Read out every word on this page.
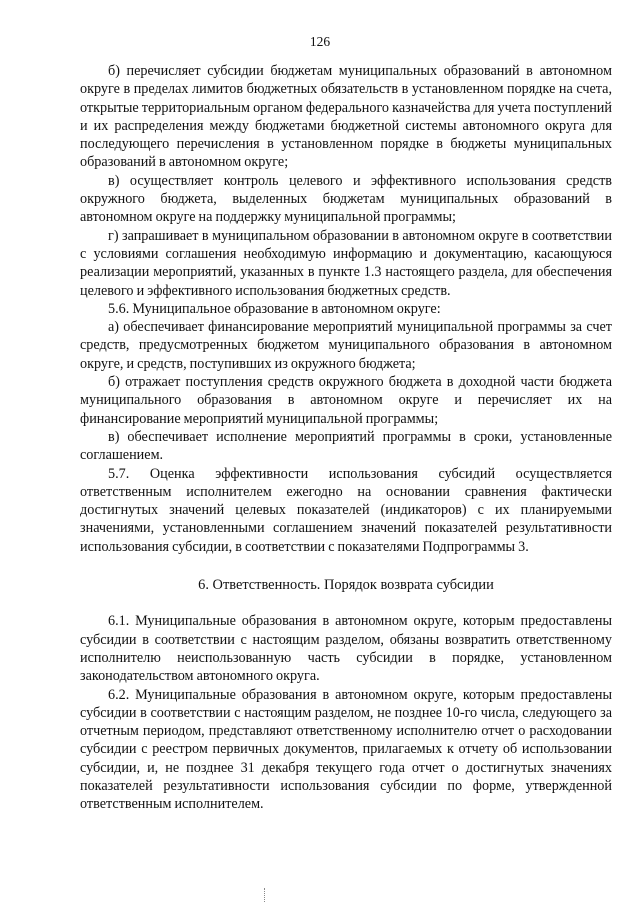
126

б) перечисляет субсидии бюджетам муниципальных образований в автономном округе в пределах лимитов бюджетных обязательств в установленном порядке на счета, открытые территориальным органом федерального казначейства для учета поступлений и их распределения между бюджетами бюджетной системы автономного округа для последующего перечисления в установленном порядке в бюджеты муниципальных образований в автономном округе;

в) осуществляет контроль целевого и эффективного использования средств окружного бюджета, выделенных бюджетам муниципальных образований в автономном округе на поддержку муниципальной программы;

г) запрашивает в муниципальном образовании в автономном округе в соответствии с условиями соглашения необходимую информацию и документацию, касающуюся реализации мероприятий, указанных в пункте 1.3 настоящего раздела, для обеспечения целевого и эффективного использования бюджетных средств.

5.6. Муниципальное образование в автономном округе:

а) обеспечивает финансирование мероприятий муниципальной программы за счет средств, предусмотренных бюджетом муниципального образования в автономном округе, и средств, поступивших из окружного бюджета;

б) отражает поступления средств окружного бюджета в доходной части бюджета муниципального образования в автономном округе и перечисляет их на финансирование мероприятий муниципальной программы;

в) обеспечивает исполнение мероприятий программы в сроки, установленные соглашением.

5.7. Оценка эффективности использования субсидий осуществляется ответственным исполнителем ежегодно на основании сравнения фактически достигнутых значений целевых показателей (индикаторов) с их планируемыми значениями, установленными соглашением значений показателей результативности использования субсидии, в соответствии с показателями Подпрограммы 3.

6. Ответственность. Порядок возврата субсидии

6.1. Муниципальные образования в автономном округе, которым предоставлены субсидии в соответствии с настоящим разделом, обязаны возвратить ответственному исполнителю неиспользованную часть субсидии в порядке, установленном законодательством автономного округа.

6.2. Муниципальные образования в автономном округе, которым предоставлены субсидии в соответствии с настоящим разделом, не позднее 10-го числа, следующего за отчетным периодом, представляют ответственному исполнителю отчет о расходовании субсидии с реестром первичных документов, прилагаемых к отчету об использовании субсидии, и, не позднее 31 декабря текущего года отчет о достигнутых значениях показателей результативности использования субсидии по форме, утвержденной ответственным исполнителем.
